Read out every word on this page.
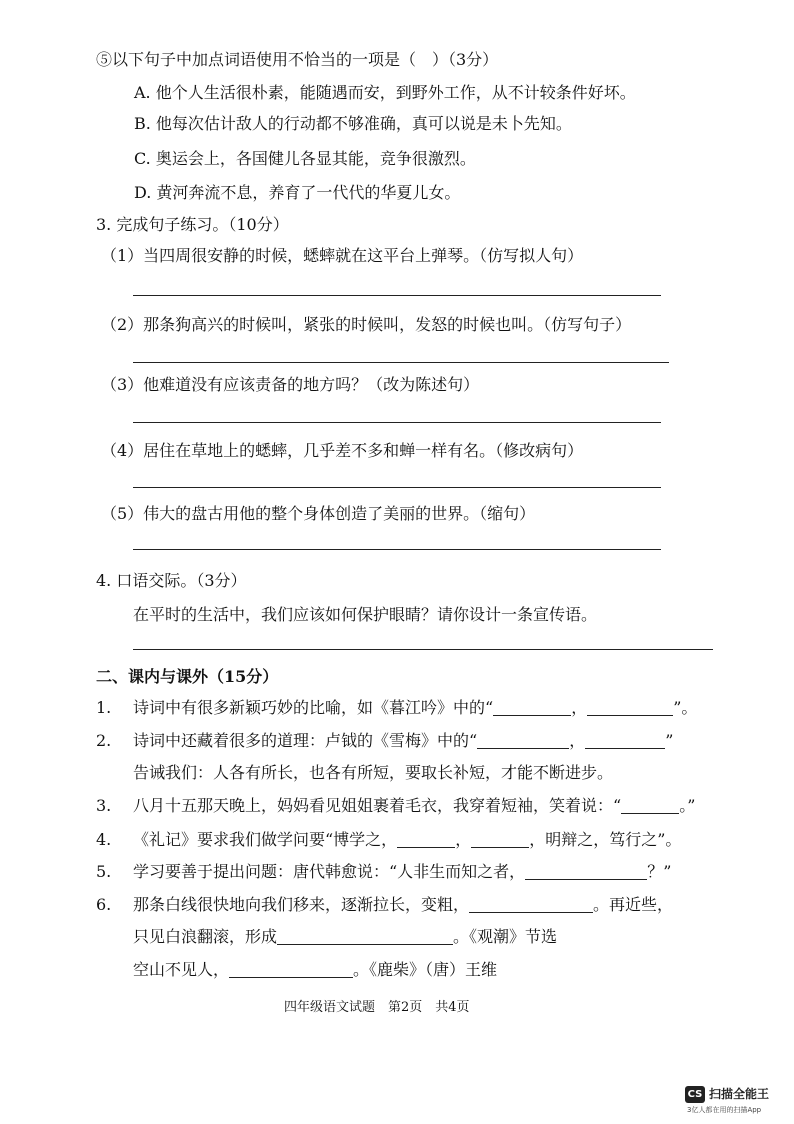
⑤以下句子中加点词语使用不恰当的一项是（　）（3分）
A. 他个人生活很朴素，能随遇而安，到野外工作，从不计较条件好坏。
B. 他每次估计敌人的行动都不够准确，真可以说是未卜先知。
C. 奥运会上，各国健儿各显其能，竞争很激烈。
D. 黄河奔流不息，养育了一代代的华夏儿女。
3. 完成句子练习。（10分）
（1）当四周很安静的时候，蟋蟀就在这平台上弹琴。（仿写拟人句）
（2）那条狗高兴的时候叫，紧张的时候叫，发怒的时候也叫。（仿写句子）
（3）他难道没有应该责备的地方吗？（改为陈述句）
（4）居住在草地上的蟋蟀，几乎差不多和蝉一样有名。（修改病句）
（5）伟大的盘古用他的整个身体创造了美丽的世界。（缩句）
4. 口语交际。（3分）
在平时的生活中，我们应该如何保护眼睛？请你设计一条宣传语。
二、课内与课外（15分）
1. 诗词中有很多新颖巧妙的比喻，如《暮江吟》中的“	，	”。
2. 诗词中还藏着很多的道理：卢钺的《雪梅》中的“	，	”
告诫我们：人各有所长，也各有所短，要取长补短，才能不断进步。
3. 八月十五那天晚上，妈妈看见姐姐裹着毛衣，我穿着短袖，笑着说：“	。”
4. 《礼记》要求我们做学问要“博学之，	，	，明辩之，笃行之”。
5. 学习要善于提出问题：唐代韩愈说：“人非生而知之者，	？”
6. 那条白线很快地向我们移来，逐渐拉长，变粗，	。再近些，
只见白浪翻滚，形成	。《观潮》节选
空山不见人，	。《鹿柴》（唐）王维
四年级语文试题　第2页　共4页
CS 扫描全能王
3亿人都在用的扫描App
